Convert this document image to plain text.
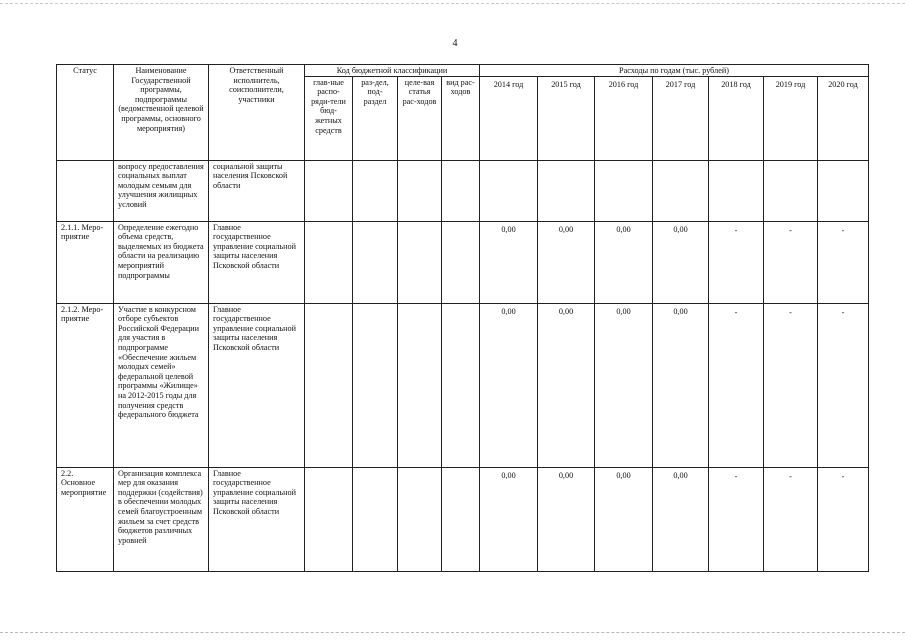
4
Статус	Наименование Государственной программы, подпрограммы (ведомственной целевой программы, основного мероприятия)	Ответственный исполнитель, соисполнители, участники	Код бюджетной классификации				Расходы по годам (тыс. рублей)						
			глав-ные распо-ряди-тели бюд-жетных средств	раз-дел, под-раздел	целе-вая статья рас-ходов	вид рас-ходов	2014 год	2015 год	2016 год	2017 год	2018 год	2019 год	2020 год
	вопросу предоставления социальных выплат молодым семьям для улучшения жилищных условий	социальной защиты населения Псковской области											
2.1.1. Меро-приятие	Определение ежегодно объема средств, выделяемых из бюджета области на реализацию мероприятий подпрограммы	Главное государственное управление социальной защиты населения Псковской области					0,00	0,00	0,00	0,00	-	-	-
2.1.2. Меро-приятие	Участие в конкурсном отборе субъектов Российской Федерации для участия в подпрограмме «Обеспечение жильем молодых семей» федеральной целевой программы «Жилище» на 2012-2015 годы для получения средств федерального бюджета	Главное государственное управление социальной защиты населения Псковской области					0,00	0,00	0,00	0,00	-	-	-
2.2. Основное мероприятие	Организация комплекса мер для оказания поддержки (содействия) в обеспечении молодых семей благоустроенным жильем за счет средств бюджетов различных уровней	Главное государственное управление социальной защиты населения Псковской области					0,00	0,00	0,00	0,00	-	-	-
